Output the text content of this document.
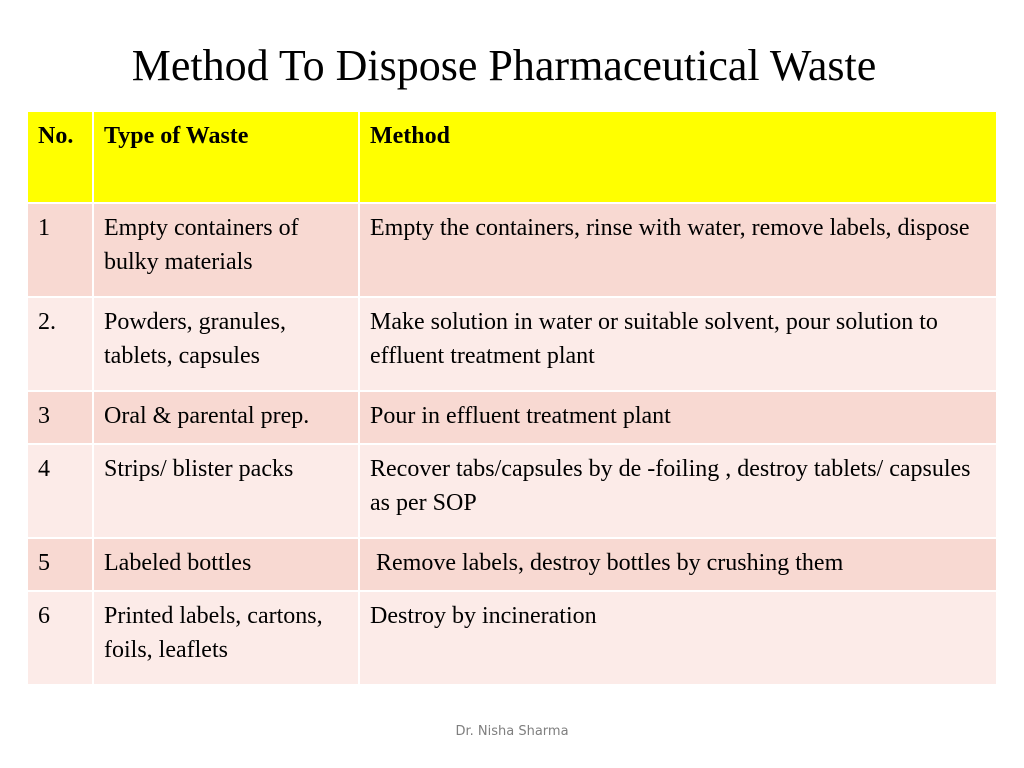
Method To Dispose Pharmaceutical Waste
No.	Type of Waste	Method
1	Empty containers of bulky materials	Empty the containers, rinse with water, remove labels, dispose
2.	Powders, granules, tablets, capsules	Make solution in water or suitable solvent, pour solution to effluent treatment plant
3	Oral & parental prep.	Pour in effluent treatment plant
4	Strips/ blister packs	Recover tabs/capsules by de -foiling , destroy tablets/ capsules as per SOP
5	Labeled bottles	Remove labels, destroy bottles by crushing them
6	Printed labels, cartons, foils, leaflets	Destroy by incineration
Dr. Nisha Sharma
